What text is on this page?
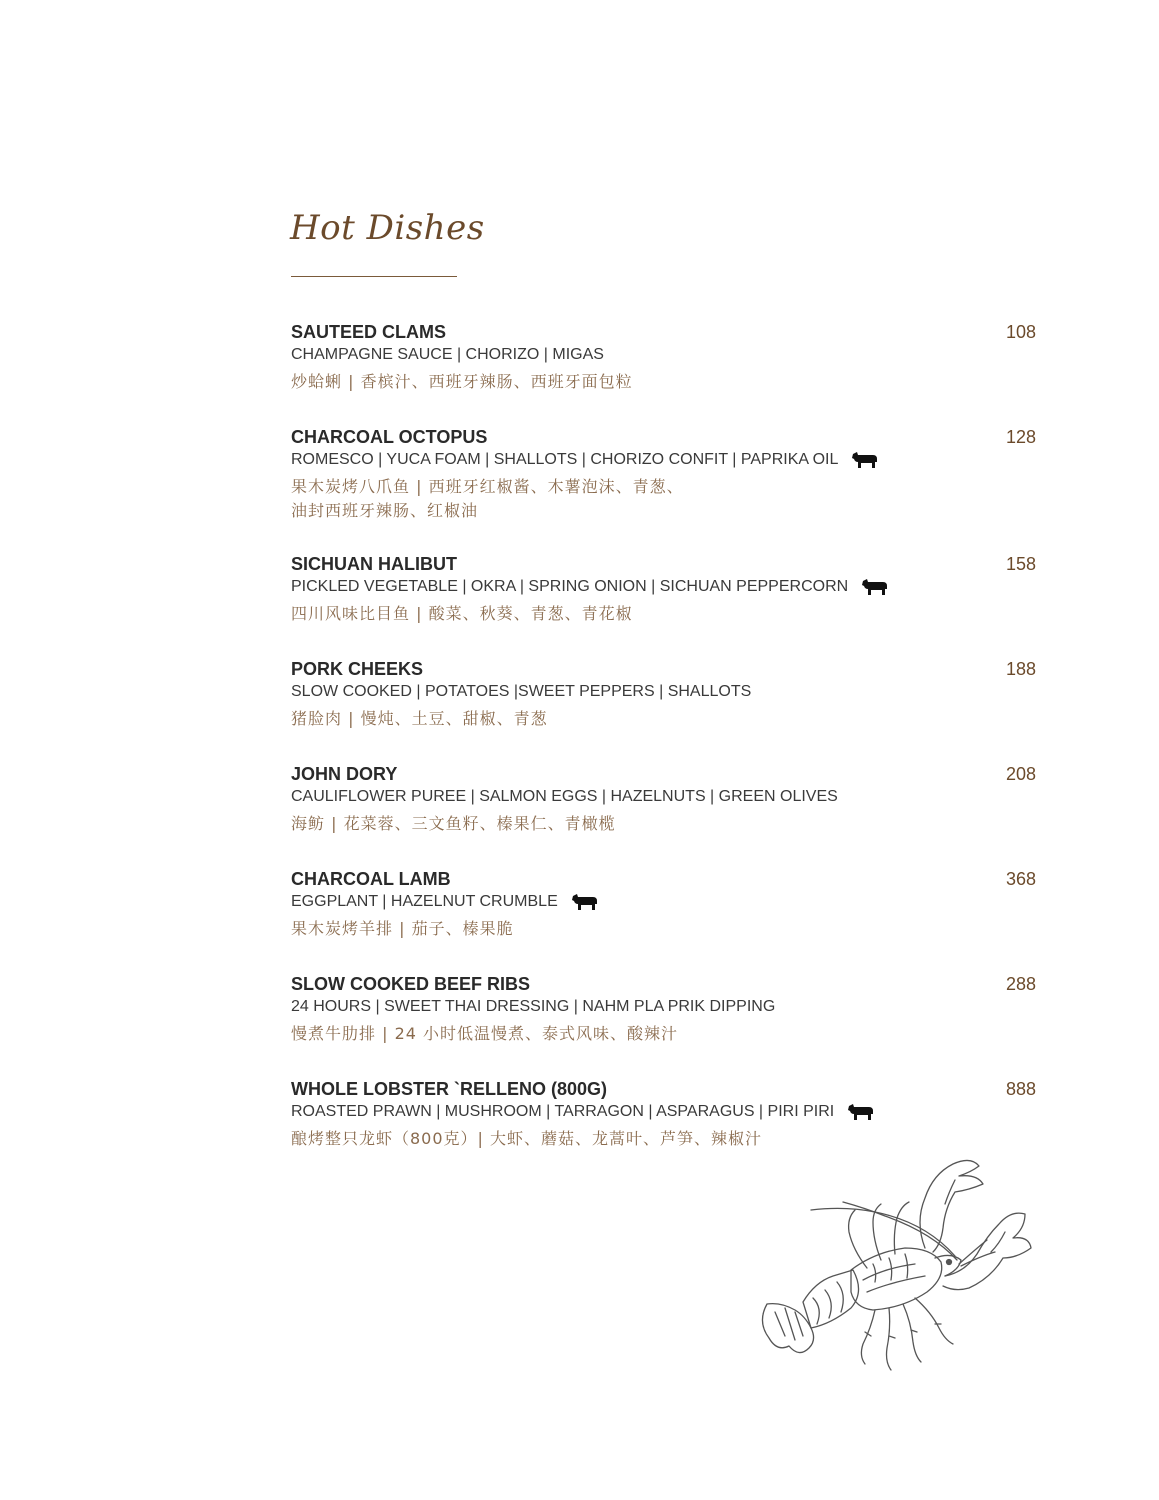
Hot Dishes
SAUTEED CLAMS	108
CHAMPAGNE SAUCE | CHORIZO | MIGAS
炒蛤蜊 | 香槟汁、西班牙辣肠、西班牙面包粒
CHARCOAL OCTOPUS	128
ROMESCO | YUCA FOAM | SHALLOTS | CHORIZO CONFIT | PAPRIKA OIL
果木炭烤八爪鱼 | 西班牙红椒酱、木薯泡沫、青葱、
油封西班牙辣肠、红椒油
SICHUAN HALIBUT	158
PICKLED VEGETABLE | OKRA | SPRING ONION | SICHUAN PEPPERCORN
四川风味比目鱼 | 酸菜、秋葵、青葱、青花椒
PORK CHEEKS	188
SLOW COOKED | POTATOES |SWEET PEPPERS | SHALLOTS
猪脸肉 | 慢炖、土豆、甜椒、青葱
JOHN DORY	208
CAULIFLOWER PUREE | SALMON EGGS | HAZELNUTS | GREEN OLIVES
海鲂 | 花菜蓉、三文鱼籽、榛果仁、青橄榄
CHARCOAL LAMB	368
EGGPLANT | HAZELNUT CRUMBLE
果木炭烤羊排 | 茄子、榛果脆
SLOW COOKED BEEF RIBS	288
24 HOURS | SWEET THAI DRESSING | NAHM PLA PRIK DIPPING
慢煮牛肋排 | 24 小时低温慢煮、泰式风味、酸辣汁
WHOLE LOBSTER `RELLENO (800G)	888
ROASTED PRAWN | MUSHROOM | TARRAGON | ASPARAGUS | PIRI PIRI
酿烤整只龙虾（800克）| 大虾、蘑菇、龙蒿叶、芦笋、辣椒汁
